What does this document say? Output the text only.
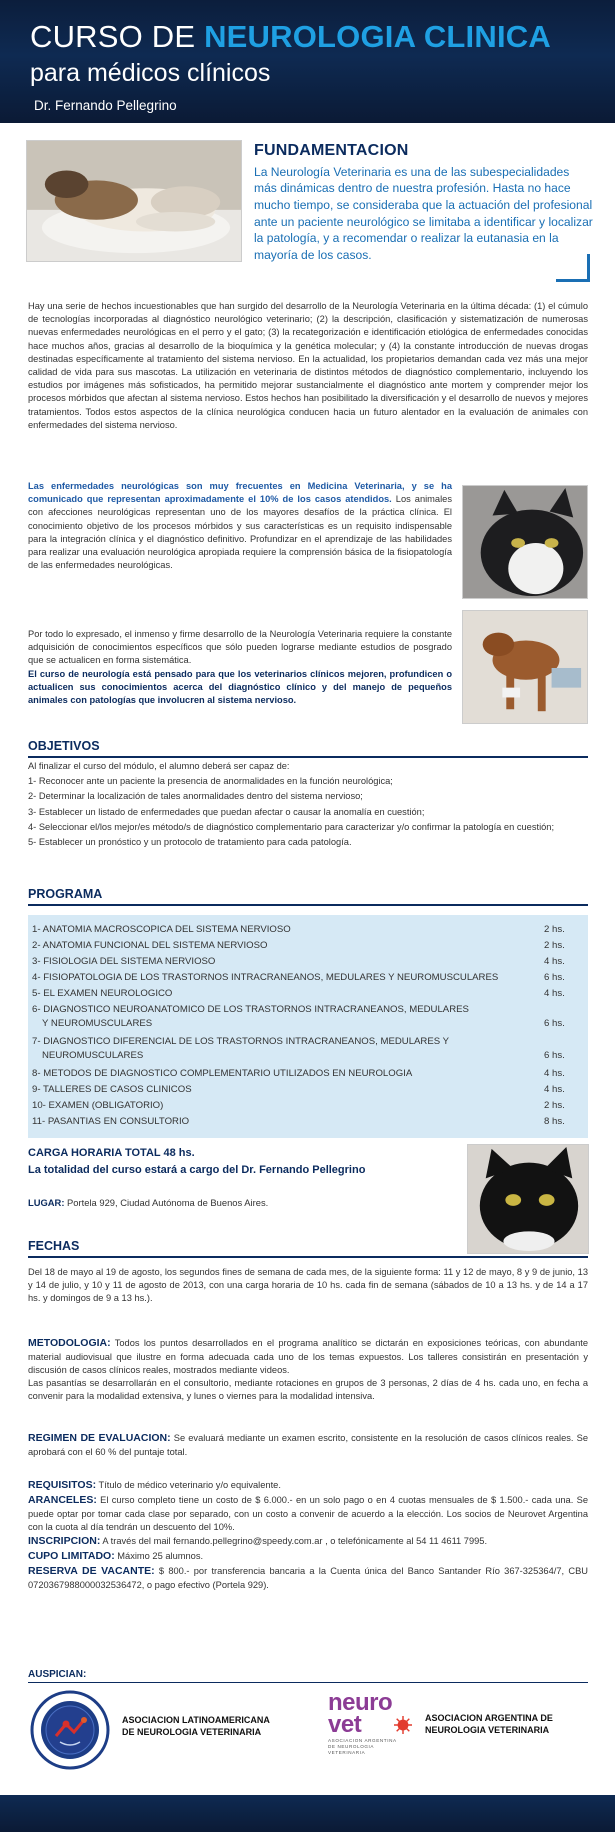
CURSO DE NEUROLOGIA CLINICA
para médicos clínicos
Dr. Fernando Pellegrino
FUNDAMENTACION

La Neurología Veterinaria es una de las subespecialidades más dinámicas dentro de nuestra profesión. Hasta no hace mucho tiempo, se consideraba que la actuación del profesional ante un paciente neurológico se limitaba a identificar y localizar la patología, y a recomendar o realizar la eutanasia en la mayoría de los casos.

Hay una serie de hechos incuestionables que han surgido del desarrollo de la Neurología Veterinaria en la última década: (1) el cúmulo de tecnologías incorporadas al diagnóstico neurológico veterinario; (2) la descripción, clasificación y sistematización de numerosas nuevas enfermedades neurológicas en el perro y el gato; (3) la recategorización e identificación etiológica de enfermedades conocidas hace muchos años, gracias al desarrollo de la bioquímica y la genética molecular; y (4) la constante introducción de nuevas drogas destinadas específicamente al tratamiento del sistema nervioso. En la actualidad, los propietarios demandan cada vez más una mejor calidad de vida para sus mascotas. La utilización en veterinaria de distintos métodos de diagnóstico complementario, incluyendo los estudios por imágenes más sofisticados, ha permitido mejorar sustancialmente el diagnóstico ante mortem y comprender mejor los procesos mórbidos que afectan al sistema nervioso. Estos hechos han posibilitado la diversificación y el desarrollo de nuevos y mejores tratamientos. Todos estos aspectos de la clínica neurológica conducen hacia un futuro alentador en la evaluación de animales con enfermedades del sistema nervioso.
Las enfermedades neurológicas son muy frecuentes en Medicina Veterinaria, y se ha comunicado que representan aproximadamente el 10% de los casos atendidos. Los animales con afecciones neurológicas representan uno de los mayores desafíos de la práctica clínica. El conocimiento objetivo de los procesos mórbidos y sus características es un requisito indispensable para la integración clínica y el diagnóstico definitivo. Profundizar en el aprendizaje de las habilidades para realizar una evaluación neurológica apropiada requiere la comprensión básica de la fisiopatología de las enfermedades neurológicas.
Por todo lo expresado, el inmenso y firme desarrollo de la Neurología Veterinaria requiere la constante adquisición de conocimientos específicos que sólo pueden lograrse mediante estudios de posgrado que se actualicen en forma sistemática.
El curso de neurología está pensado para que los veterinarios clínicos mejoren, profundicen o actualicen sus conocimientos acerca del diagnóstico clínico y del manejo de pequeños animales con patologías que involucren al sistema nervioso.
OBJETIVOS
Al finalizar el curso del módulo, el alumno deberá ser capaz de:
1- Reconocer ante un paciente la presencia de anormalidades en la función neurológica;
2- Determinar la localización de tales anormalidades dentro del sistema nervioso;
3- Establecer un listado de enfermedades que puedan afectar o causar la anomalía en cuestión;
4- Seleccionar el/los mejor/es método/s de diagnóstico complementario para caracterizar y/o confirmar la patología en cuestión;
5- Establecer un pronóstico y un protocolo de tratamiento para cada patología.
PROGRAMA
1- ANATOMIA MACROSCOPICA DEL SISTEMA NERVIOSO	2 hs.
2- ANATOMIA FUNCIONAL DEL SISTEMA NERVIOSO	2 hs.
3- FISIOLOGIA DEL SISTEMA NERVIOSO	4 hs.
4- FISIOPATOLOGIA DE LOS TRASTORNOS INTRACRANEANOS, MEDULARES Y NEUROMUSCULARES	6 hs.
5- EL EXAMEN NEUROLOGICO	4 hs.
6- DIAGNOSTICO NEUROANATOMICO DE LOS TRASTORNOS INTRACRANEANOS, MEDULARES
Y NEUROMUSCULARES	6 hs.
7- DIAGNOSTICO DIFERENCIAL DE LOS TRASTORNOS INTRACRANEANOS, MEDULARES Y
NEUROMUSCULARES	6 hs.
8- METODOS DE DIAGNOSTICO COMPLEMENTARIO UTILIZADOS EN NEUROLOGIA	4 hs.
9- TALLERES DE CASOS CLINICOS	4 hs.
10- EXAMEN (OBLIGATORIO)	2 hs.
11- PASANTIAS EN CONSULTORIO	8 hs.
CARGA HORARIA TOTAL 48 hs.
La totalidad del curso estará a cargo del Dr. Fernando Pellegrino
LUGAR: Portela 929, Ciudad Autónoma de Buenos Aires.
FECHAS
Del 18 de mayo al 19 de agosto, los segundos fines de semana de cada mes, de la siguiente forma: 11 y 12 de mayo, 8 y 9 de junio, 13 y 14 de julio, y 10 y 11 de agosto de 2013, con una carga horaria de 10 hs. cada fin de semana (sábados de 10 a 13 hs. y de 14 a 17 hs. y domingos de 9 a 13 hs.).
METODOLOGIA: Todos los puntos desarrollados en el programa analítico se dictarán en exposiciones teóricas, con abundante material audiovisual que ilustre en forma adecuada cada uno de los temas expuestos. Los talleres consistirán en presentación y discusión de casos clínicos reales, mostrados mediante videos.
Las pasantías se desarrollarán en el consultorio, mediante rotaciones en grupos de 3 personas, 2 días de 4 hs. cada uno, en fecha a convenir para la modalidad extensiva, y lunes o viernes para la modalidad intensiva.
REGIMEN DE EVALUACION: Se evaluará mediante un examen escrito, consistente en la resolución de casos clínicos reales. Se aprobará con el 60 % del puntaje total.
REQUISITOS: Título de médico veterinario y/o equivalente.
ARANCELES: El curso completo tiene un costo de $ 6.000.- en un solo pago o en 4 cuotas mensuales de $ 1.500.- cada una. Se puede optar por tomar cada clase por separado, con un costo a convenir de acuerdo a la elección. Los socios de Neurovet Argentina con la cuota al día tendrán un descuento del 10%.
INSCRIPCION: A través del mail fernando.pellegrino@speedy.com.ar , o telefónicamente al 54 11 4611 7995.
CUPO LIMITADO: Máximo 25 alumnos.
RESERVA DE VACANTE: $ 800.- por transferencia bancaria a la Cuenta única del Banco Santander Río 367-325364/7, CBU 0720367988000032536472, o pago efectivo (Portela 929).
AUSPICIAN:
ASOCIACION LATINOAMERICANA DE NEUROLOGIA VETERINARIA
neuro vet
ASOCIACION ARGENTINA DE NEUROLOGIA VETERINARIA
ASOCIACION ARGENTINA DE NEUROLOGIA VETERINARIA
